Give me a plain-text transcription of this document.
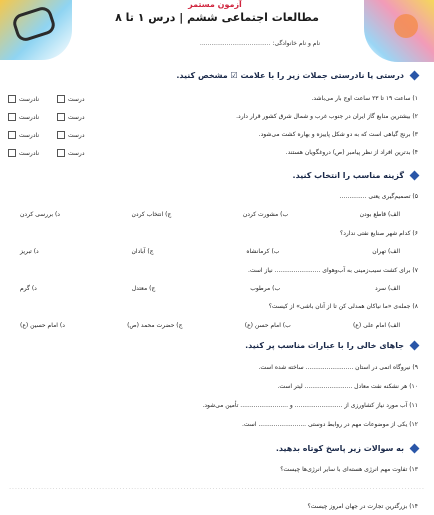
آزمون مستمر
مطالعات اجتماعی ششم | درس ۱ تا ۸
نام و نام خانوادگی: .....................................
درستی یا نادرستی جملات زیر را با علامت ☑ مشخص کنید.
۱) ساعت ۱۹ تا ۲۳ ساعت اوج بار می‌باشد.
نادرست	درست
۲) بیشترین منابع گاز ایران در جنوب غرب و شمال شرق کشور قرار دارد.
نادرست	درست
۳) برنج گیاهی است که به دو شکل پاییزه و بهاره کشت می‌شود.
نادرست	درست
۴) بدترین افراد از نظر پیامبر (ص) دروغگویان هستند.
نادرست	درست
گزینه مناسب را انتخاب کنید.
۵) تصمیم‌گیری یعنی ..............
الف) قاطع بودن
ب) مشورت کردن
ج) انتخاب کردن
د) بررسی کردن
۶) کدام شهر صنایع نفتی ندارد؟
الف) تهران
ب) کرمانشاه
ج) آبادان
د) تبریز
۷) برای کشت سیب‌زمینی به آب‌وهوای ........................ نیاز است.
الف) سرد
ب) مرطوب
ج) معتدل
د) گرم
۸) جمله‌ی «ما نیاکان همدلی کن تا از آنان باشی» از کیست؟
الف) امام علی (ع)
ب) امام حسن (ع)
ج) حضرت محمد (ص)
د) امام حسین (ع)
جاهای خالی را با عبارات مناسب پر کنید.
۹) نیروگاه اتمی در استان ......................... ساخته شده است.
۱۰) هر نشکنه نفت معادل ......................... لیتر است.
۱۱) آب مورد نیاز کشاورزی از ......................... و ......................... تأمین می‌شود.
۱۲) یکی از موضوعات مهم در روابط دوستی ......................... است.
به سوالات زیر پاسخ کوتاه بدهید.
۱۳) تفاوت مهم انرژی هسته‌ای با سایر انرژی‌ها چیست؟
...............................................................................................................................................
۱۴) بزرگترین تجارت در جهان امروز چیست؟
